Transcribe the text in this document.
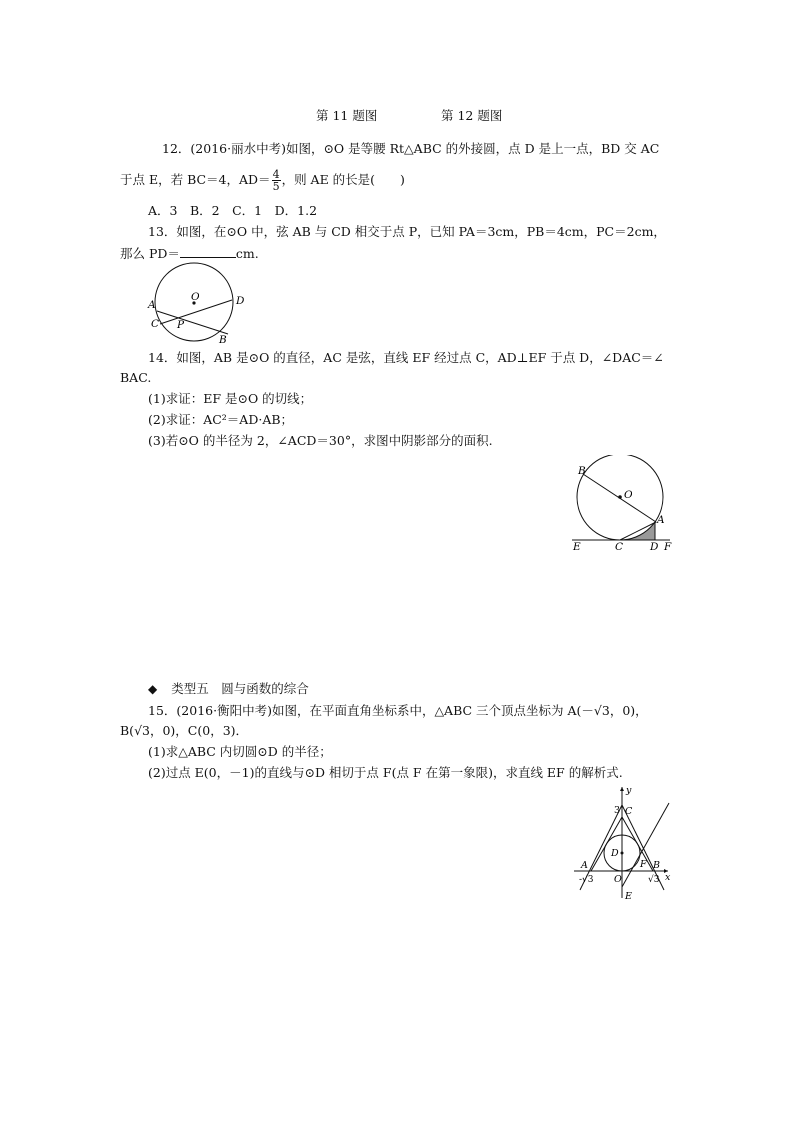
第 11 题图	第 12 题图
12．(2016·丽水中考)如图，⊙O 是等腰 Rt△ABC 的外接圆，点 D 是上一点，BD 交 AC
于点 E，若 BC＝4，$AD= \frac{4}{5}$ ，则 AE 的长是(　　)
A．3　B．2　C．1　D．1.2
13．如图，在⊙O 中，弦 AB 与 CD 相交于点 P，已知 PA＝3cm，PB＝4cm，PC＝2cm，
那么 PD＝	cm.
O
A
C P
D
B
14．如图，AB 是⊙O 的直径，AC 是弦，直线 EF 经过点 C，AD⊥EF 于点 D，∠DAC＝∠
BAC.
(1)求证：EF 是⊙O 的切线；
(2)求证：AC²＝AD·AB；
(3)若⊙O 的半径为 2，∠ACD＝30°，求图中阴影部分的面积.
B
O
A
E	C	D F
◆ 类型五　圆与函数的综合
15．(2016·衡阳中考)如图，在平面直角坐标系中，△ABC 三个顶点坐标为 A(－√3，0)，
B(√3，0)，C(0，3)．
(1)求△ABC 内切圆⊙D 的半径；
(2)过点 E(0，－1)的直线与⊙D 相切于点 F(点 F 在第一象限)，求直线 EF 的解析式.
y
x
3 C
D
F B
A
O
E
-√3	√3
